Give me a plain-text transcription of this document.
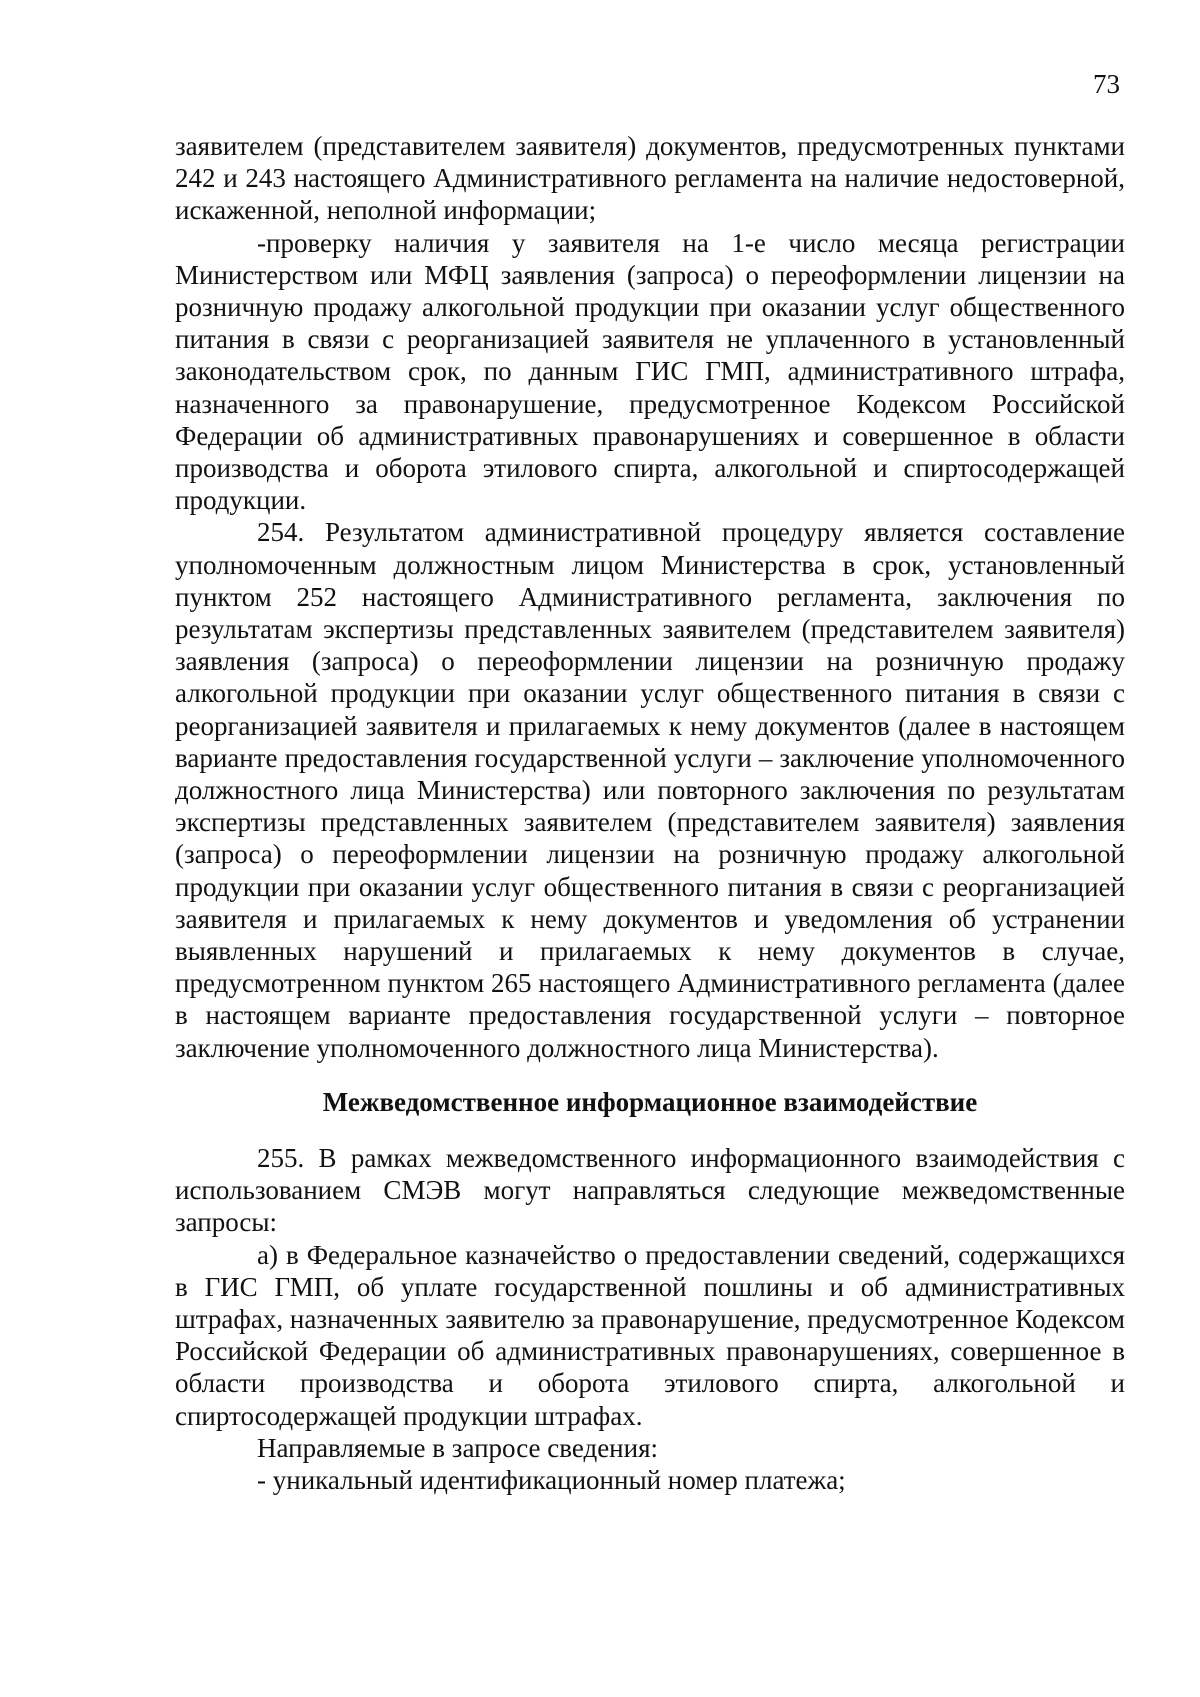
73

заявителем (представителем заявителя) документов, предусмотренных пунктами 242 и 243 настоящего Административного регламента на наличие недостоверной, искаженной, неполной информации;

-проверку наличия у заявителя на 1-е число месяца регистрации Министерством или МФЦ заявления (запроса) о переоформлении лицензии на розничную продажу алкогольной продукции при оказании услуг общественного питания в связи с реорганизацией заявителя не уплаченного в установленный законодательством срок, по данным ГИС ГМП, административного штрафа, назначенного за правонарушение, предусмотренное Кодексом Российской Федерации об административных правонарушениях и совершенное в области производства и оборота этилового спирта, алкогольной и спиртосодержащей продукции.

254. Результатом административной процедуру является составление уполномоченным должностным лицом Министерства в срок, установленный пунктом 252 настоящего Административного регламента, заключения по результатам экспертизы представленных заявителем (представителем заявителя) заявления (запроса) о переоформлении лицензии на розничную продажу алкогольной продукции при оказании услуг общественного питания в связи с реорганизацией заявителя и прилагаемых к нему документов (далее в настоящем варианте предоставления государственной услуги – заключение уполномоченного должностного лица Министерства) или повторного заключения по результатам экспертизы представленных заявителем (представителем заявителя) заявления (запроса) о переоформлении лицензии на розничную продажу алкогольной продукции при оказании услуг общественного питания в связи с реорганизацией заявителя и прилагаемых к нему документов и уведомления об устранении выявленных нарушений и прилагаемых к нему документов в случае, предусмотренном пунктом 265 настоящего Административного регламента (далее в настоящем варианте предоставления государственной услуги – повторное заключение уполномоченного должностного лица Министерства).

Межведомственное информационное взаимодействие

255. В рамках межведомственного информационного взаимодействия с использованием СМЭВ могут направляться следующие межведомственные запросы:

а) в Федеральное казначейство о предоставлении сведений, содержащихся в ГИС ГМП, об уплате государственной пошлины и об административных штрафах, назначенных заявителю за правонарушение, предусмотренное Кодексом Российской Федерации об административных правонарушениях, совершенное в области производства и оборота этилового спирта, алкогольной и спиртосодержащей продукции штрафах.

Направляемые в запросе сведения:

- уникальный идентификационный номер платежа;
